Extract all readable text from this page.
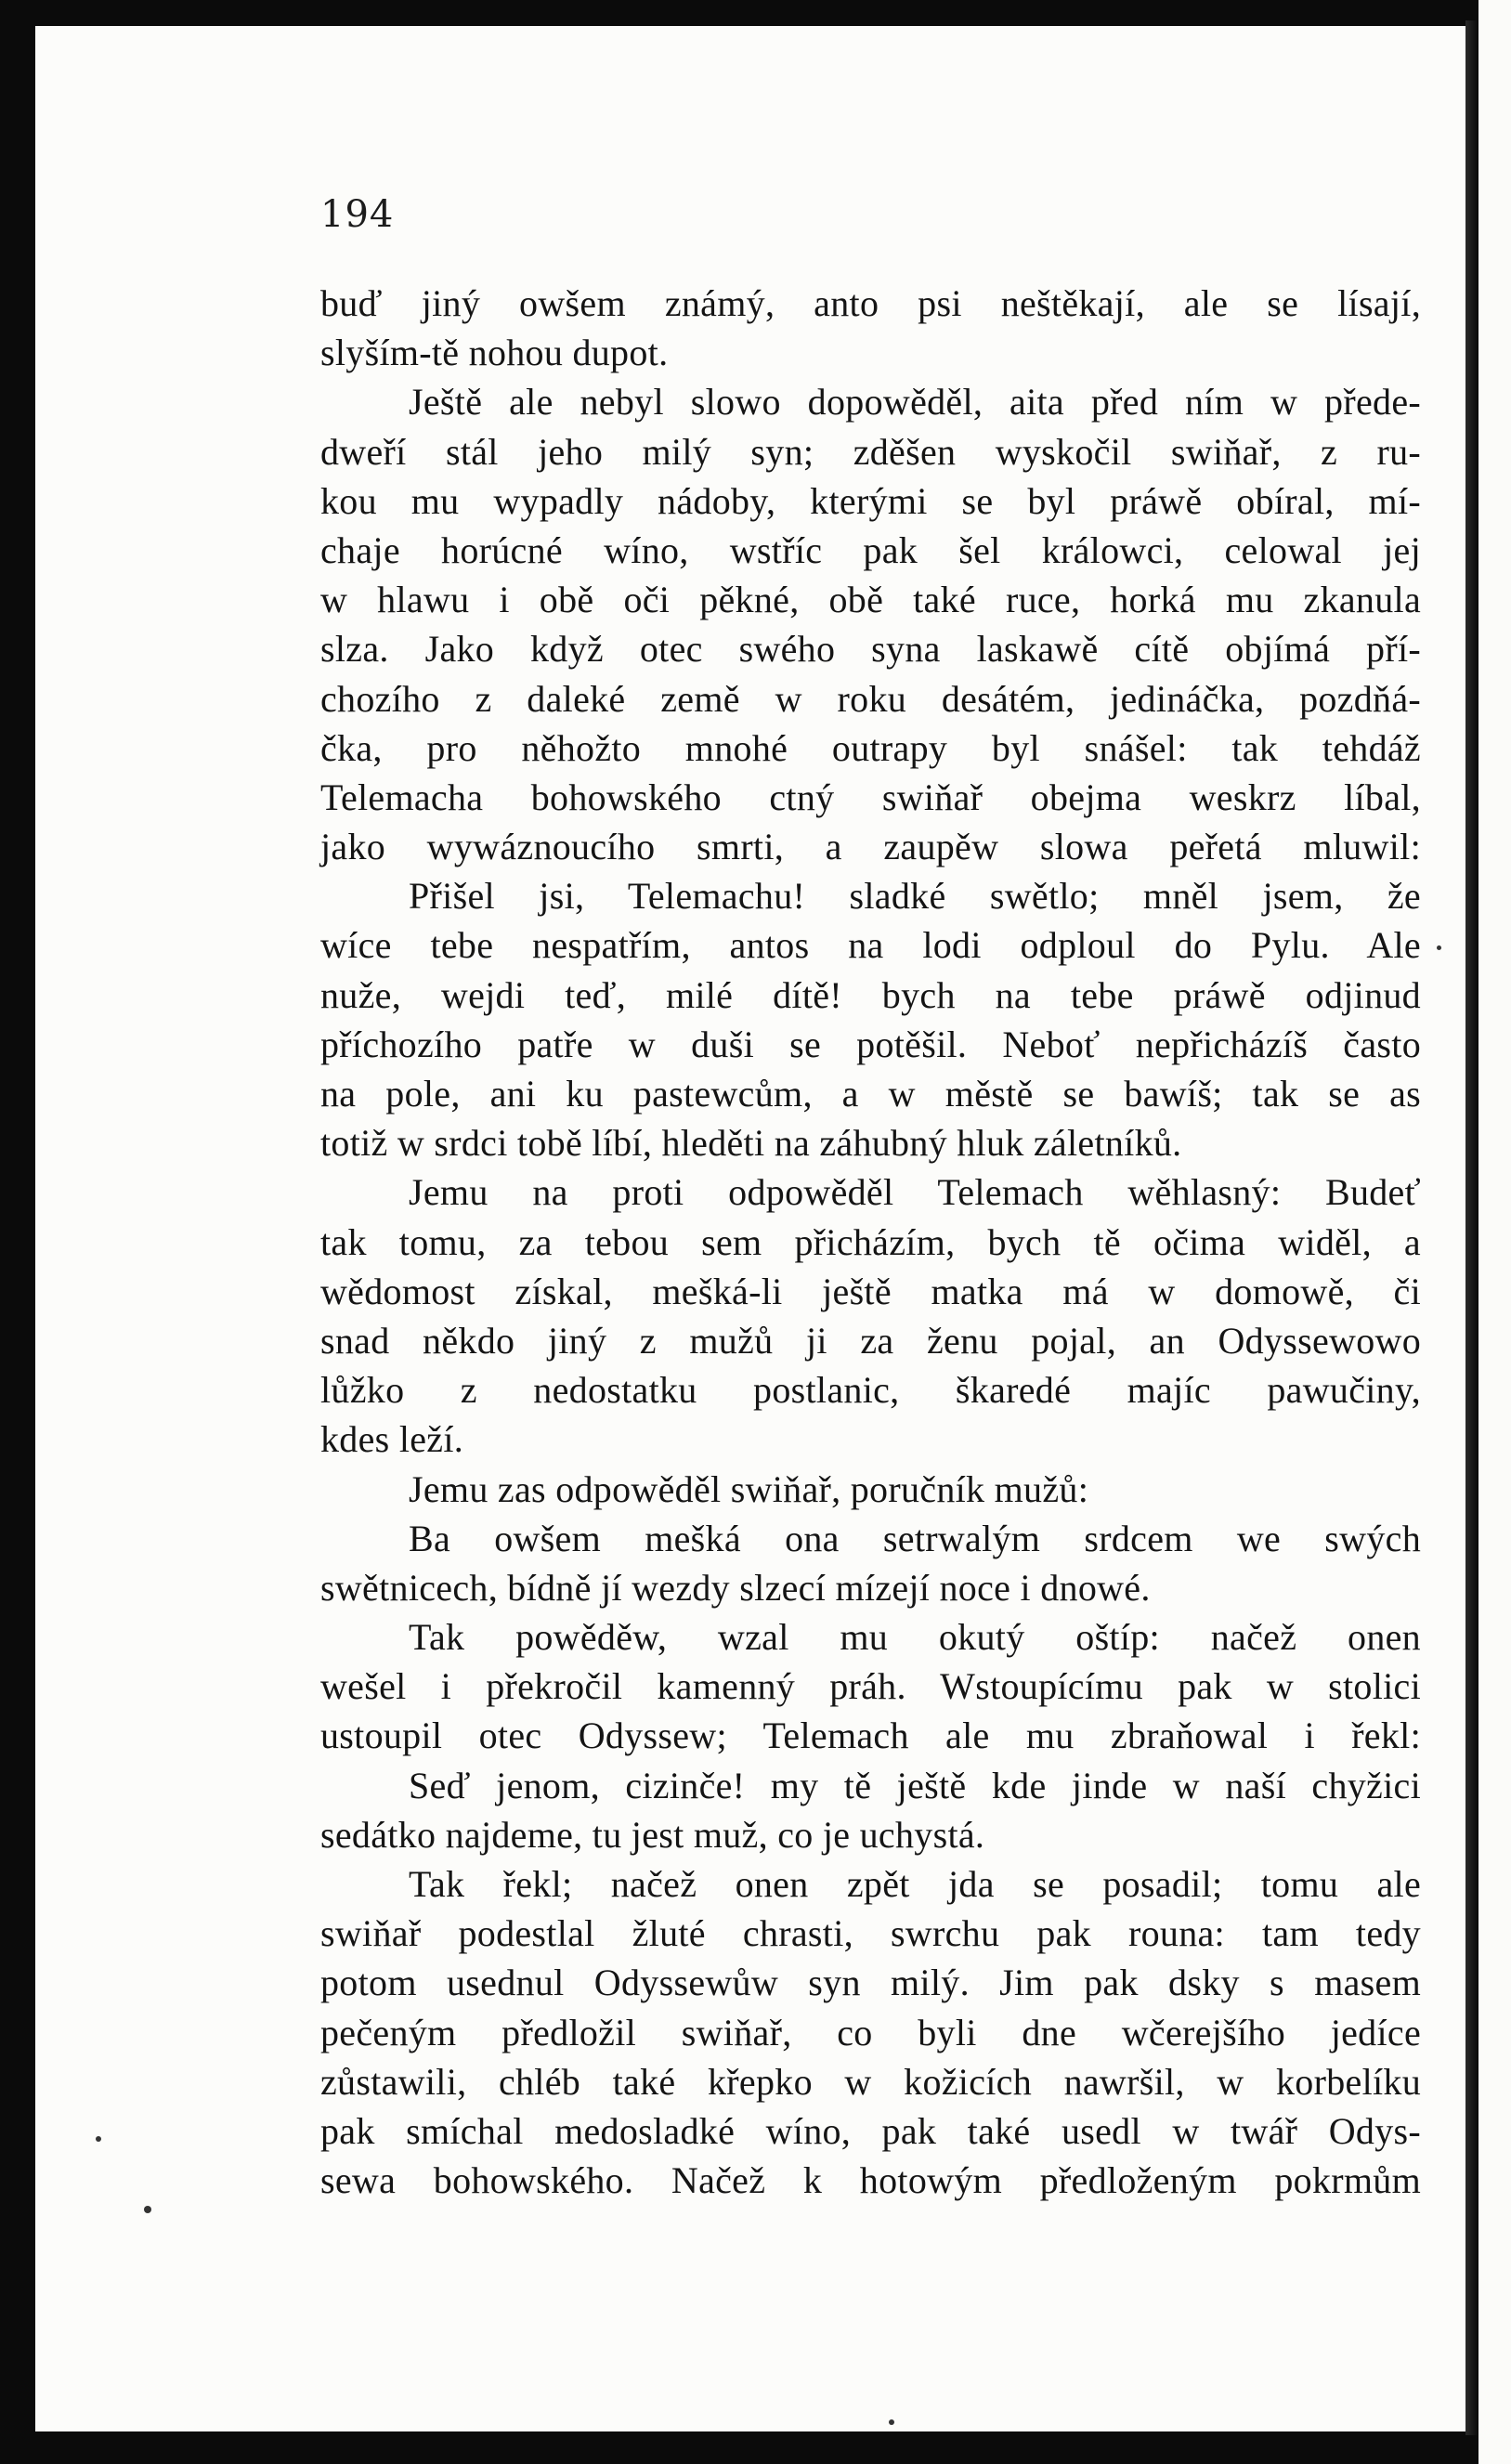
194
buď jiný owšem známý, anto psi neštěkají, ale se lísají,
slyším-tě nohou dupot.
Ještě ale nebyl slowo dopowěděl, aita před ním w přede-
dweří stál jeho milý syn; zděšen wyskočil swiňař, z ru-
kou mu wypadly nádoby, kterými se byl práwě obíral, mí-
chaje horúcné wíno, wstříc pak šel králowci, celowal jej
w hlawu i obě oči pěkné, obě také ruce, horká mu zkanula
slza. Jako když otec swého syna laskawě cítě objímá pří-
chozího z daleké země w roku desátém, jedináčka, pozdňá-
čka, pro něhožto mnohé outrapy byl snášel: tak tehdáž
Telemacha bohowského ctný swiňař obejma weskrz líbal,
jako wywáznoucího smrti, a zaupěw slowa peřetá mluwil:
Přišel jsi, Telemachu! sladké swětlo; mněl jsem, že
wíce tebe nespatřím, antos na lodi odploul do Pylu. Ale
nuže, wejdi teď, milé dítě! bych na tebe práwě odjinud
příchozího patře w duši se potěšil. Neboť nepřicházíš často
na pole, ani ku pastewcům, a w městě se bawíš; tak se as
totiž w srdci tobě líbí, hleděti na záhubný hluk záletníků.
Jemu na proti odpowěděl Telemach wěhlasný: Budeť
tak tomu, za tebou sem přicházím, bych tě očima widěl, a
wědomost získal, mešká-li ještě matka má w domowě, či
snad někdo jiný z mužů ji za ženu pojal, an Odyssewowo
lůžko z nedostatku postlanic, škaredé majíc pawučiny,
kdes leží.
Jemu zas odpowěděl swiňař, poručník mužů:
Ba owšem mešká ona setrwalým srdcem we swých
swětnicech, bídně jí wezdy slzecí mízejí noce i dnowé.
Tak powěděw, wzal mu okutý oštíp: načež onen
wešel i překročil kamenný práh. Wstoupícímu pak w stolici
ustoupil otec Odyssew; Telemach ale mu zbraňowal i řekl:
Seď jenom, cizinče! my tě ještě kde jinde w naší chyžici
sedátko najdeme, tu jest muž, co je uchystá.
Tak řekl; načež onen zpět jda se posadil; tomu ale
swiňař podestlal žluté chrasti, swrchu pak rouna: tam tedy
potom usednul Odyssewůw syn milý. Jim pak dsky s masem
pečeným předložil swiňař, co byli dne wčerejšího jedíce
zůstawili, chléb také křepko w kožicích nawršil, w korbelíku
pak smíchal medosladké wíno, pak také usedl w twář Odys-
sewa bohowského. Načež k hotowým předloženým pokrmům
